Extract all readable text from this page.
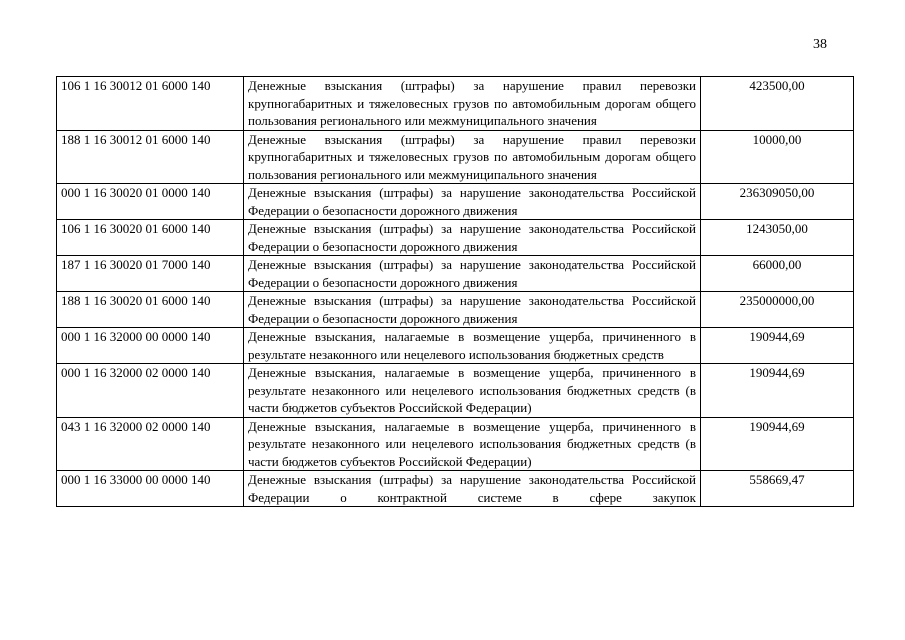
38
106 1 16 30012 01 6000 140	Денежные взыскания (штрафы) за нарушение правил перевозки крупногабаритных и тяжеловесных грузов по автомобильным дорогам общего пользования регионального или межмуниципального значения	423500,00
188 1 16 30012 01 6000 140	Денежные взыскания (штрафы) за нарушение правил перевозки крупногабаритных и тяжеловесных грузов по автомобильным дорогам общего пользования регионального или межмуниципального значения	10000,00
000 1 16 30020 01 0000 140	Денежные взыскания (штрафы) за нарушение законодательства Российской Федерации о безопасности дорожного движения	236309050,00
106 1 16 30020 01 6000 140	Денежные взыскания (штрафы) за нарушение законодательства Российской Федерации о безопасности дорожного движения	1243050,00
187 1 16 30020 01 7000 140	Денежные взыскания (штрафы) за нарушение законодательства Российской Федерации о безопасности дорожного движения	66000,00
188 1 16 30020 01 6000 140	Денежные взыскания (штрафы) за нарушение законодательства Российской Федерации о безопасности дорожного движения	235000000,00
000 1 16 32000 00 0000 140	Денежные взыскания, налагаемые в возмещение ущерба, причиненного в результате незаконного или нецелевого использования бюджетных средств	190944,69
000 1 16 32000 02 0000 140	Денежные взыскания, налагаемые в возмещение ущерба, причиненного в результате незаконного или нецелевого использования бюджетных средств (в части бюджетов субъектов Российской Федерации)	190944,69
043 1 16 32000 02 0000 140	Денежные взыскания, налагаемые в возмещение ущерба, причиненного в результате незаконного или нецелевого использования бюджетных средств (в части бюджетов субъектов Российской Федерации)	190944,69
000 1 16 33000 00 0000 140	Денежные взыскания (штрафы) за нарушение законодательства Российской Федерации о контрактной системе в сфере закупок	558669,47
